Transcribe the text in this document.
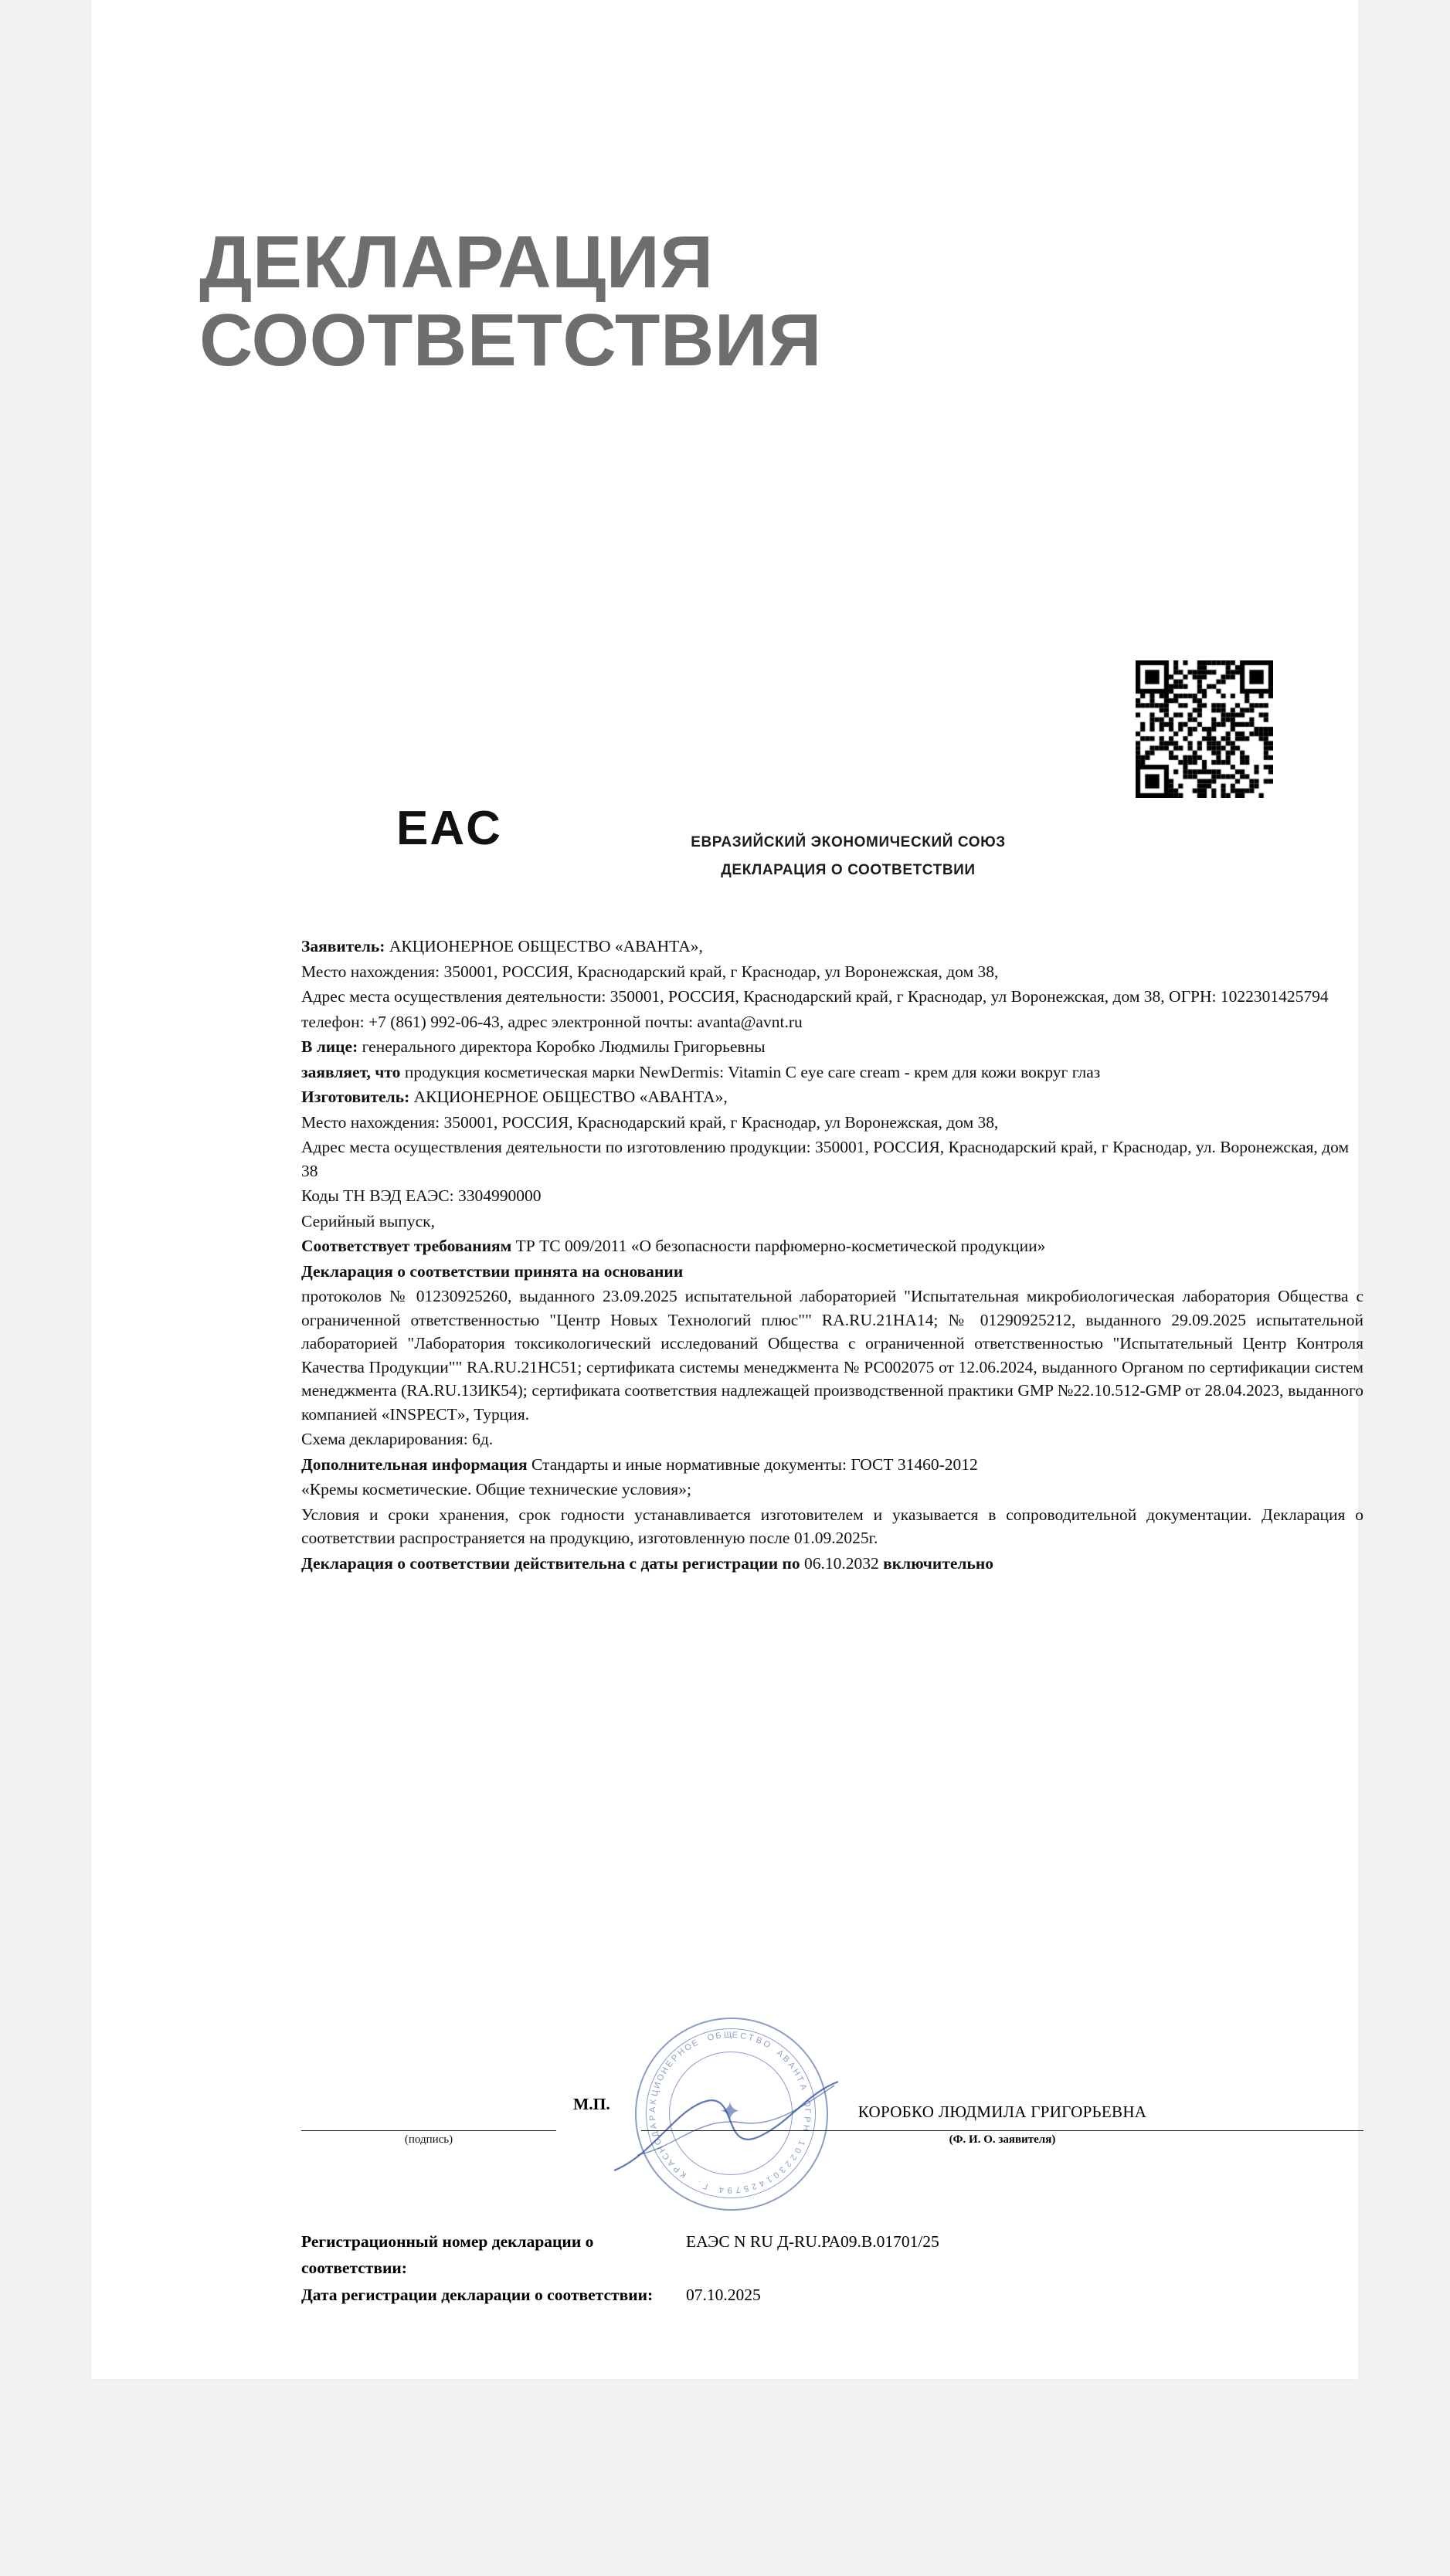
ДЕКЛАРАЦИЯ
СООТВЕТСТВИЯ
ЕAC	ЕВРАЗИЙСКИЙ ЭКОНОМИЧЕСКИЙ СОЮЗ
ДЕКЛАРАЦИЯ О СООТВЕТСТВИИ

Заявитель: АКЦИОНЕРНОЕ ОБЩЕСТВО «АВАНТА»,

Место нахождения: 350001, РОССИЯ, Краснодарский край, г Краснодар, ул Воронежская, дом 38,

Адрес места осуществления деятельности: 350001, РОССИЯ, Краснодарский край, г Краснодар, ул Воронежская, дом 38, ОГРН: 1022301425794

телефон: +7 (861) 992-06-43, адрес электронной почты: avanta@avnt.ru

В лице: генерального директора Коробко Людмилы Григорьевны

заявляет, что продукция косметическая марки NewDermis: Vitamin C eye care cream - крем для кожи вокруг глаз

Изготовитель: АКЦИОНЕРНОЕ ОБЩЕСТВО «АВАНТА»,

Место нахождения: 350001, РОССИЯ, Краснодарский край, г Краснодар, ул Воронежская, дом 38,

Адрес места осуществления деятельности по изготовлению продукции: 350001, РОССИЯ, Краснодарский край, г Краснодар, ул. Воронежская, дом 38

Коды ТН ВЭД ЕАЭС: 3304990000

Серийный выпуск,

Соответствует требованиям ТР ТС 009/2011 «О безопасности парфюмерно-косметической продукции»

Декларация о соответствии принята на основании

протоколов № 01230925260, выданного 23.09.2025 испытательной лабораторией "Испытательная микробиологическая лаборатория Общества с ограниченной ответственностью "Центр Новых Технологий плюс"" RA.RU.21НА14; № 01290925212, выданного 29.09.2025 испытательной лабораторией "Лаборатория токсикологический исследований Общества с ограниченной ответственностью "Испытательный Центр Контроля Качества Продукции"" RA.RU.21НС51; сертификата системы менеджмента № РС002075 от 12.06.2024, выданного Органом по сертификации систем менеджмента (RA.RU.13ИК54); сертификата соответствия надлежащей производственной практики GMP №22.10.512-GMP от 28.04.2023, выданного компанией «INSPECT», Турция.

Схема декларирования: 6д.

Дополнительная информация Стандарты и иные нормативные документы: ГОСТ 31460-2012

«Кремы косметические. Общие технические условия»;

Условия и сроки хранения, срок годности устанавливается изготовителем и указывается в сопроводительной документации. Декларация о соответствии распространяется на продукцию, изготовленную после 01.09.2025г.

Декларация о соответствии действительна с даты регистрации по 06.10.2032 включительно

✦
А
К
Ц
И
О
Н
Е
Р
Н
О
Е

О Б Щ Е С Т В
О

А
В
А
Н
Т
А

О
Г
Р
Н

1
0
2
2
3
0
1
4
2
5
7
9
4

Г
.

К
Р
А
С
Н
О
Д
А
Р
М.П.
(подпись)
КОРОБКО ЛЮДМИЛА ГРИГОРЬЕВНА
(Ф. И. О. заявителя)
Регистрационный номер декларации о соответствии:
ЕАЭС N RU Д-RU.РА09.В.01701/25
Дата регистрации декларации о соответствии:	07.10.2025
